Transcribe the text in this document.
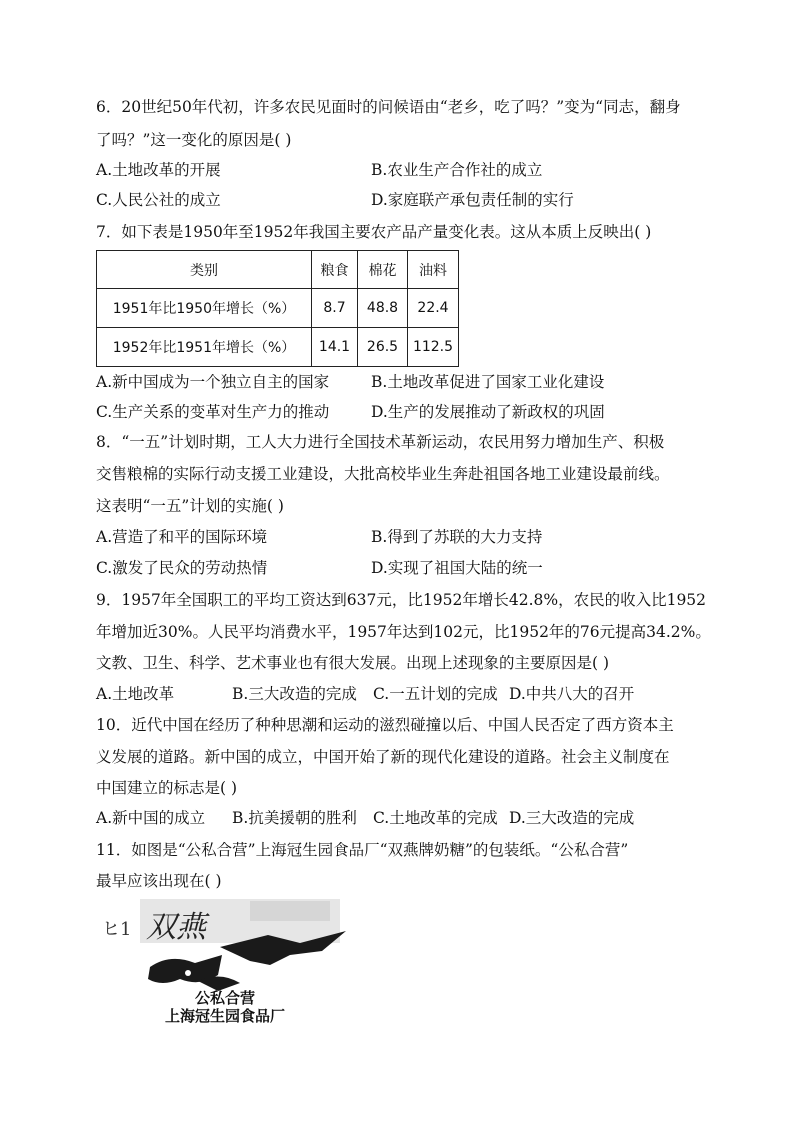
6．20世纪50年代初，许多农民见面时的问候语由“老乡，吃了吗？”变为“同志，翻身
了吗？”这一变化的原因是( )
A.土地改革的开展	B.农业生产合作社的成立
C.人民公社的成立	D.家庭联产承包责任制的实行
7．如下表是1950年至1952年我国主要农产品产量变化表。这从本质上反映出( )
类别	粮食	棉花	油料
1951年比1950年增长（%）	8.7	48.8	22.4
1952年比1951年增长（%）	14.1	26.5	112.5
A.新中国成为一个独立自主的国家	B.土地改革促进了国家工业化建设
C.生产关系的变革对生产力的推动	D.生产的发展推动了新政权的巩固
8．“一五”计划时期，工人大力进行全国技术革新运动，农民用努力增加生产、积极
交售粮棉的实际行动支援工业建设，大批高校毕业生奔赴祖国各地工业建设最前线。
这表明“一五”计划的实施( )
A.营造了和平的国际环境	B.得到了苏联的大力支持
C.激发了民众的劳动热情	D.实现了祖国大陆的统一
9．1957年全国职工的平均工资达到637元，比1952年增长42.8%，农民的收入比1952
年增加近30%。人民平均消费水平，1957年达到102元，比1952年的76元提高34.2%。
文教、卫生、科学、艺术事业也有很大发展。出现上述现象的主要原因是( )
A.土地改革	B.三大改造的完成 C.一五计划的完成 D.中共八大的召开
10．近代中国在经历了种种思潮和运动的滋烈碰撞以后、中国人民否定了西方资本主
义发展的道路。新中国的成立，中国开始了新的现代化建设的道路。社会主义制度在
中国建立的标志是( )
A.新中国的成立 B.抗美援朝的胜利 C.土地改革的完成 D.三大改造的完成
11．如图是“公私合营”上海冠生园食品厂“双燕牌奶糖”的包装纸。“公私合营”
最早应该出现在( )
ヒ1 双燕
公私合营
上海冠生园食品厂
